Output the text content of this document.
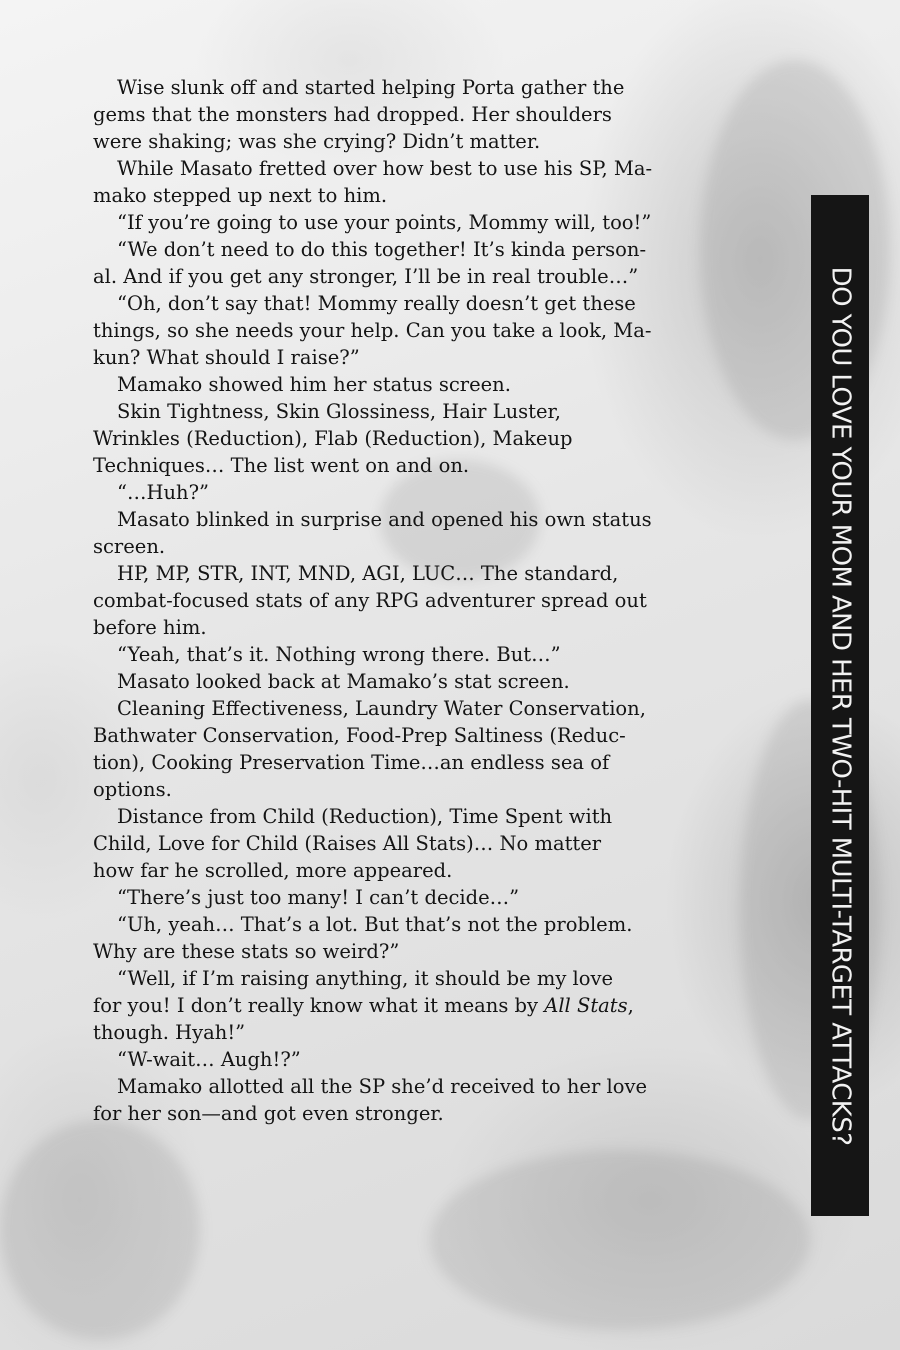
Wise slunk off and started helping Porta gather the
gems that the monsters had dropped. Her shoulders
were shaking; was she crying? Didn’t matter.

While Masato fretted over how best to use his SP, Ma-
mako stepped up next to him.

“If you’re going to use your points, Mommy will, too!”

“We don’t need to do this together! It’s kinda person-
al. And if you get any stronger, I’ll be in real trouble…”

“Oh, don’t say that! Mommy really doesn’t get these
things, so she needs your help. Can you take a look, Ma-
kun? What should I raise?”

Mamako showed him her status screen.

Skin Tightness, Skin Glossiness, Hair Luster,
Wrinkles (Reduction), Flab (Reduction), Makeup
Techniques… The list went on and on.

“…Huh?”

Masato blinked in surprise and opened his own status
screen.

HP, MP, STR, INT, MND, AGI, LUC… The standard,
combat-focused stats of any RPG adventurer spread out
before him.

“Yeah, that’s it. Nothing wrong there. But…”

Masato looked back at Mamako’s stat screen.

Cleaning Effectiveness, Laundry Water Conservation,
Bathwater Conservation, Food-Prep Saltiness (Reduc-
tion), Cooking Preservation Time…an endless sea of
options.

Distance from Child (Reduction), Time Spent with
Child, Love for Child (Raises All Stats)… No matter
how far he scrolled, more appeared.

“There’s just too many! I can’t decide…”

“Uh, yeah… That’s a lot. But that’s not the problem.
Why are these stats so weird?”

“Well, if I’m raising anything, it should be my love
for you! I don’t really know what it means by All Stats,
though. Hyah!”

“W-wait… Augh!?”

Mamako allotted all the SP she’d received to her love
for her son—and got even stronger.	DO YOU LOVE YOUR MOM AND HER TWO-HIT MULTI-TARGET ATTACKS?
